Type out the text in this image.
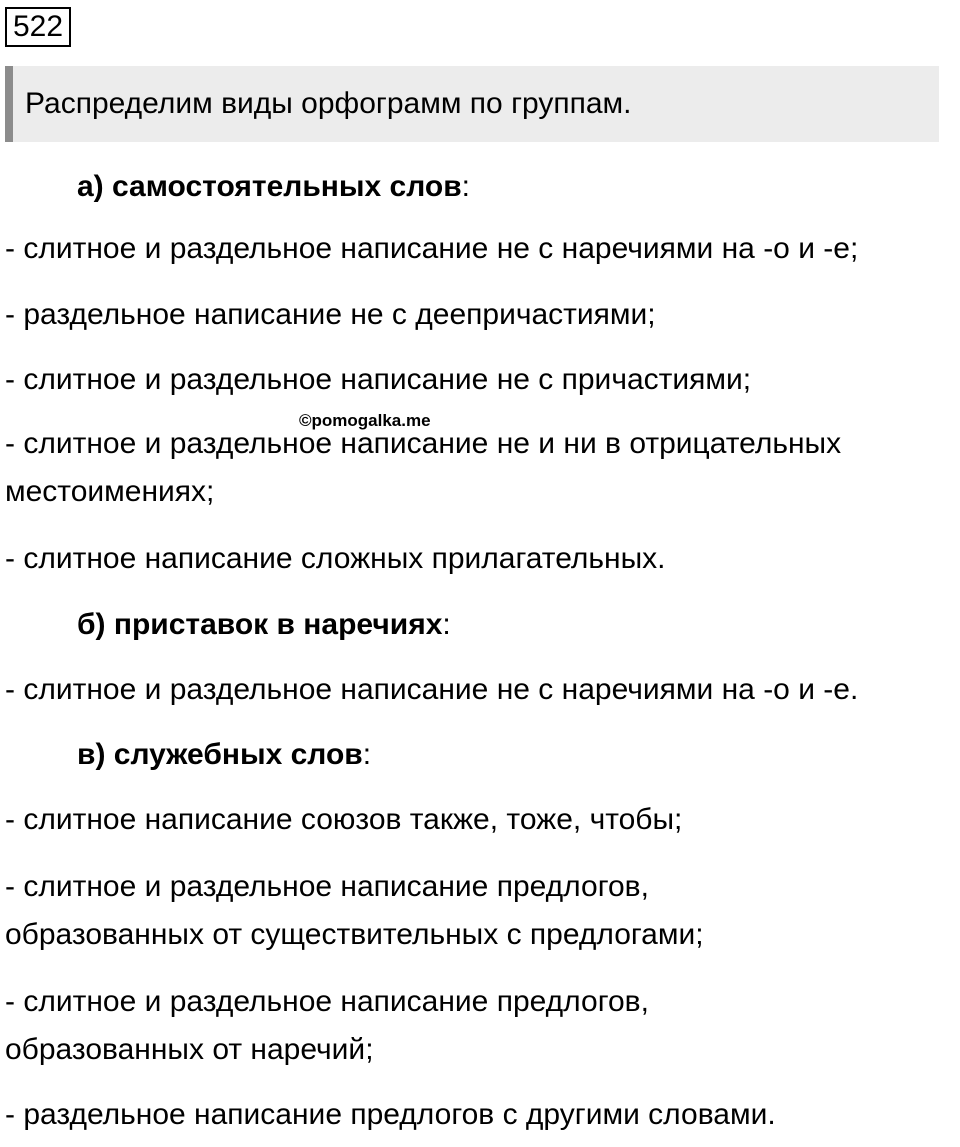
522
Распределим виды орфограмм по группам.
а) самостоятельных слов:
- слитное и раздельное написание не с наречиями на -о и -е;
- раздельное написание не с деепричастиями;
- слитное и раздельное написание не с причастиями;
- слитное и раздельное написание не и ни в отрицательных
местоимениях;
- слитное написание сложных прилагательных.
б) приставок в наречиях:
- слитное и раздельное написание не с наречиями на -о и -е.
в) служебных слов:
- слитное написание союзов также, тоже, чтобы;
- слитное и раздельное написание предлогов,
образованных от существительных с предлогами;
- слитное и раздельное написание предлогов,
образованных от наречий;
- раздельное написание предлогов с другими словами.
©pomogalka.me
